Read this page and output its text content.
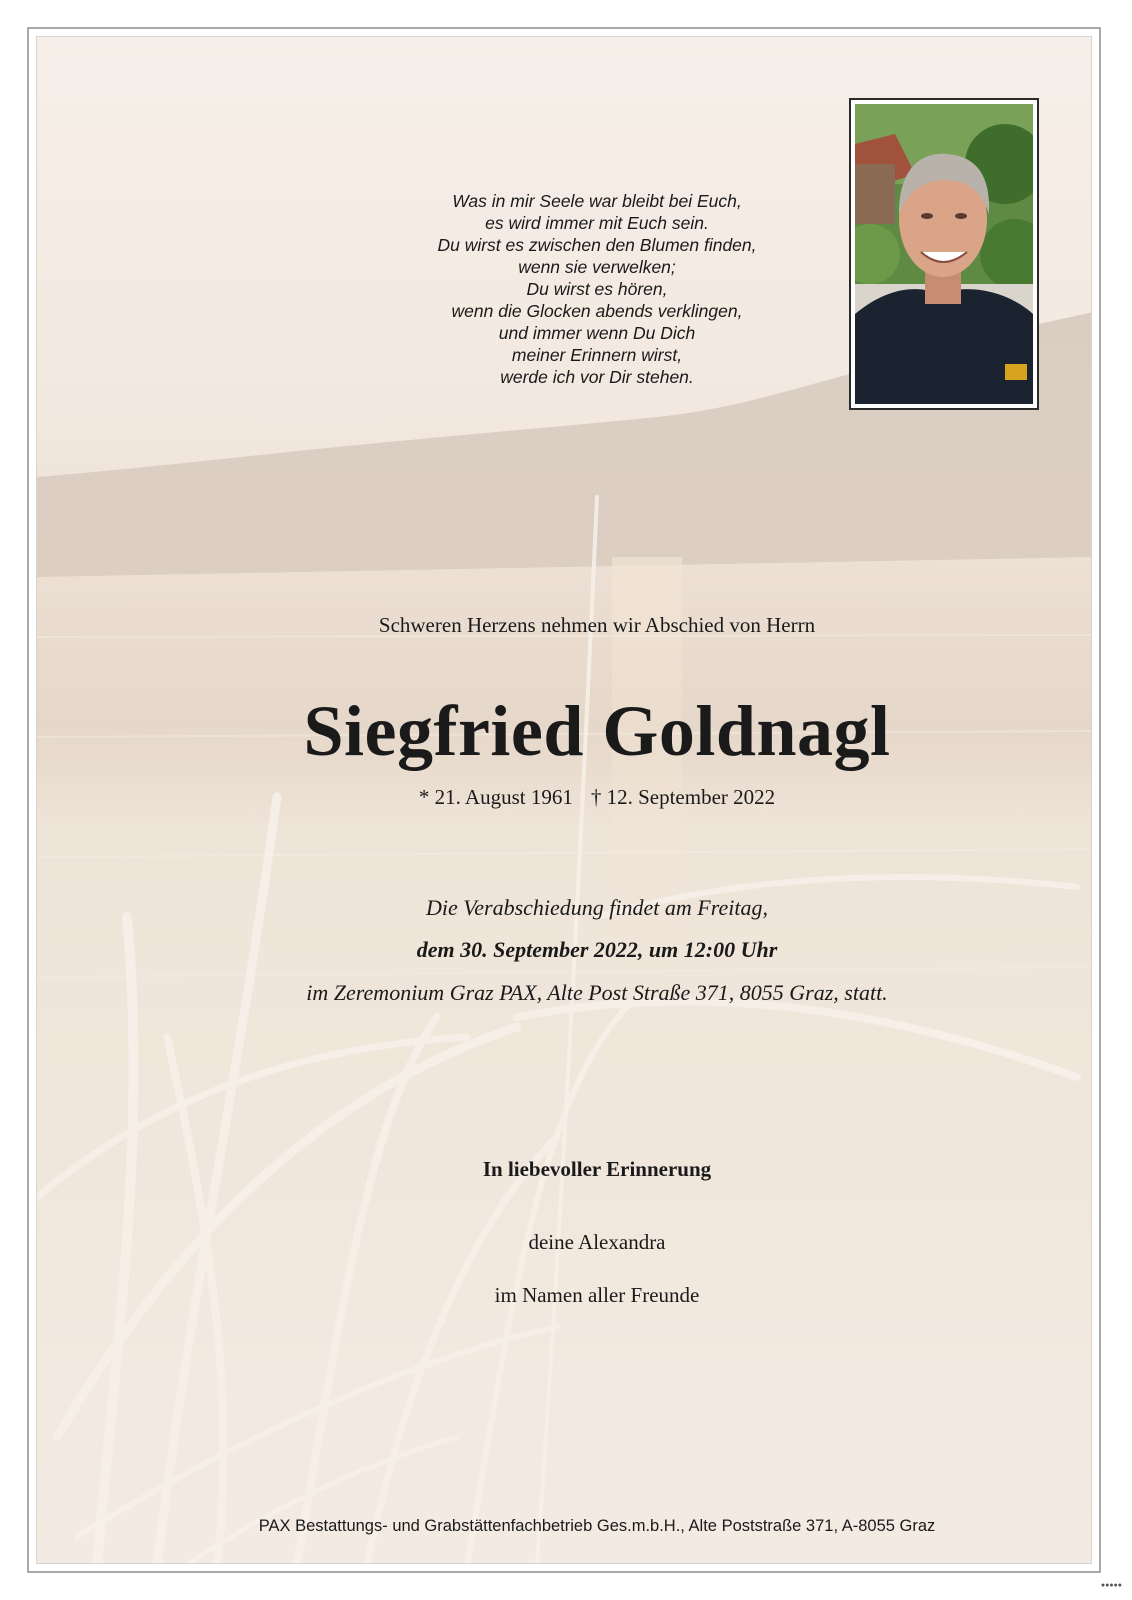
Was in mir Seele war bleibt bei Euch,
es wird immer mit Euch sein.
Du wirst es zwischen den Blumen finden,
wenn sie verwelken;
Du wirst es hören,
wenn die Glocken abends verklingen,
und immer wenn Du Dich
meiner Erinnern wirst,
werde ich vor Dir stehen.
Schweren Herzens nehmen wir Abschied von Herrn
Siegfried Goldnagl
* 21. August 1961 † 12. September 2022
Die Verabschiedung findet am Freitag,
dem 30. September 2022, um 12:00 Uhr
im Zeremonium Graz PAX, Alte Post Straße 371, 8055 Graz, statt.
In liebevoller Erinnerung
deine Alexandra
im Namen aller Freunde
PAX Bestattungs- und Grabstättenfachbetrieb Ges.m.b.H., Alte Poststraße 371, A-8055 Graz
●●●●●
